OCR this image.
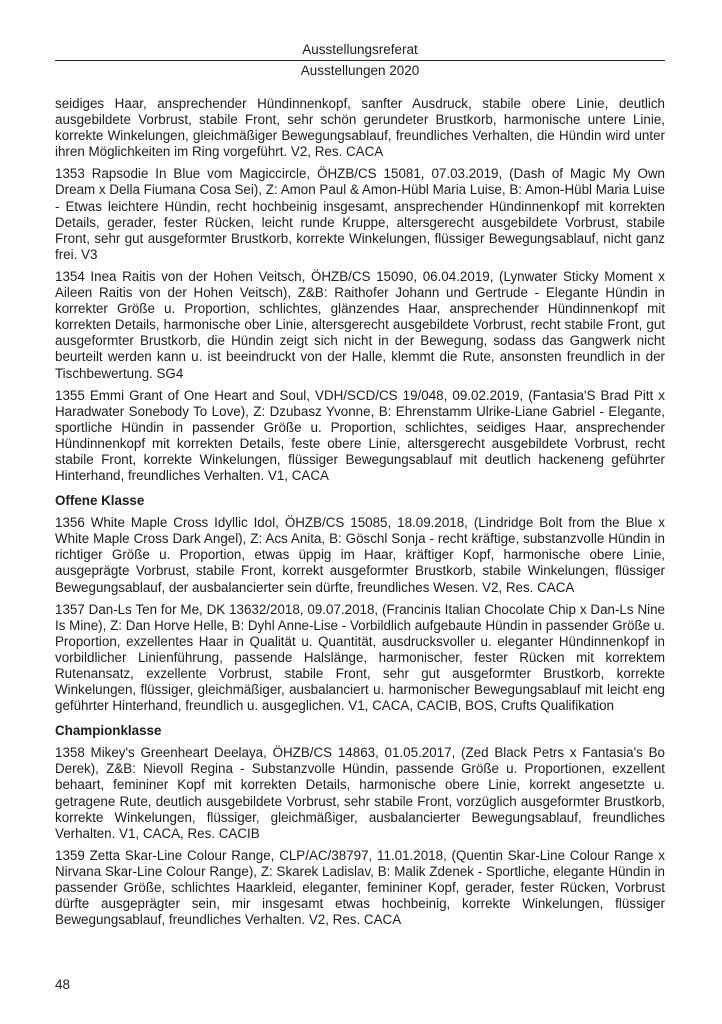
Ausstellungsreferat
Ausstellungen 2020

seidiges Haar, ansprechender Hündinnenkopf, sanfter Ausdruck, stabile obere Linie, deutlich ausgebildete Vorbrust, stabile Front, sehr schön gerundeter Brustkorb, harmonische untere Linie, korrekte Winkelungen, gleichmäßiger Bewegungsablauf, freundliches Verhalten, die Hündin wird unter ihren Möglichkeiten im Ring vorgeführt. V2, Res. CACA

1353 Rapsodie In Blue vom Magiccircle, ÖHZB/CS 15081, 07.03.2019, (Dash of Magic My Own Dream x Della Fiumana Cosa Sei), Z: Amon Paul & Amon-Hübl Maria Luise, B: Amon-Hübl Maria Luise - Etwas leichtere Hündin, recht hochbeinig insgesamt, ansprechender Hündinnenkopf mit korrekten Details, gerader, fester Rücken, leicht runde Kruppe, altersgerecht ausgebildete Vorbrust, stabile Front, sehr gut ausgeformter Brustkorb, korrekte Winkelungen, flüssiger Bewegungsablauf, nicht ganz frei. V3

1354 Inea Raitis von der Hohen Veitsch, ÖHZB/CS 15090, 06.04.2019, (Lynwater Sticky Moment x Aileen Raitis von der Hohen Veitsch), Z&B: Raithofer Johann und Gertrude - Elegante Hündin in korrekter Größe u. Proportion, schlichtes, glänzendes Haar, ansprechender Hündinnenkopf mit korrekten Details, harmonische ober Linie, altersgerecht ausgebildete Vorbrust, recht stabile Front, gut ausgeformter Brustkorb, die Hündin zeigt sich nicht in der Bewegung, sodass das Gangwerk nicht beurteilt werden kann u. ist beeindruckt von der Halle, klemmt die Rute, ansonsten freundlich in der Tischbewertung. SG4

1355 Emmi Grant of One Heart and Soul, VDH/SCD/CS 19/048, 09.02.2019, (Fantasia'S Brad Pitt x Haradwater Sonebody To Love), Z: Dzubasz Yvonne, B: Ehrenstamm Ulrike-Liane Gabriel - Elegante, sportliche Hündin in passender Größe u. Proportion, schlichtes, seidiges Haar, ansprechender Hündinnenkopf mit korrekten Details, feste obere Linie, altersgerecht ausgebildete Vorbrust, recht stabile Front, korrekte Winkelungen, flüssiger Bewegungsablauf mit deutlich hackeneng geführter Hinterhand, freundliches Verhalten. V1, CACA

Offene Klasse

1356 White Maple Cross Idyllic Idol, ÖHZB/CS 15085, 18.09.2018, (Lindridge Bolt from the Blue x White Maple Cross Dark Angel), Z: Acs Anita, B: Göschl Sonja - recht kräftige, substanzvolle Hündin in richtiger Größe u. Proportion, etwas üppig im Haar, kräftiger Kopf, harmonische obere Linie, ausgeprägte Vorbrust, stabile Front, korrekt ausgeformter Brustkorb, stabile Winkelungen, flüssiger Bewegungsablauf, der ausbalancierter sein dürfte, freundliches Wesen. V2, Res. CACA

1357 Dan-Ls Ten for Me, DK 13632/2018, 09.07.2018, (Francinis Italian Chocolate Chip x Dan-Ls Nine Is Mine), Z: Dan Horve Helle, B: Dyhl Anne-Lise - Vorbildlich aufgebaute Hündin in passender Größe u. Proportion, exzellentes Haar in Qualität u. Quantität, ausdrucksvoller u. eleganter Hündinnenkopf in vorbildlicher Linienführung, passende Halslänge, harmonischer, fester Rücken mit korrektem Rutenansatz, exzellente Vorbrust, stabile Front, sehr gut ausgeformter Brustkorb, korrekte Winkelungen, flüssiger, gleichmäßiger, ausbalanciert u. harmonischer Bewegungsablauf mit leicht eng geführter Hinterhand, freundlich u. ausgeglichen. V1, CACA, CACIB, BOS, Crufts Qualifikation

Championklasse

1358 Mikey's Greenheart Deelaya, ÖHZB/CS 14863, 01.05.2017, (Zed Black Petrs x Fantasia's Bo Derek), Z&B: Nievoll Regina - Substanzvolle Hündin, passende Größe u. Proportionen, exzellent behaart, femininer Kopf mit korrekten Details, harmonische obere Linie, korrekt angesetzte u. getragene Rute, deutlich ausgebildete Vorbrust, sehr stabile Front, vorzüglich ausgeformter Brustkorb, korrekte Winkelungen, flüssiger, gleichmäßiger, ausbalancierter Bewegungsablauf, freundliches Verhalten. V1, CACA, Res. CACIB

1359 Zetta Skar-Line Colour Range, CLP/AC/38797, 11.01.2018, (Quentin Skar-Line Colour Range x Nirvana Skar-Line Colour Range), Z: Skarek Ladislav, B: Malik Zdenek - Sportliche, elegante Hündin in passender Größe, schlichtes Haarkleid, eleganter, femininer Kopf, gerader, fester Rücken, Vorbrust dürfte ausgeprägter sein, mir insgesamt etwas hochbeinig, korrekte Winkelungen, flüssiger Bewegungsablauf, freundliches Verhalten. V2, Res. CACA

48
